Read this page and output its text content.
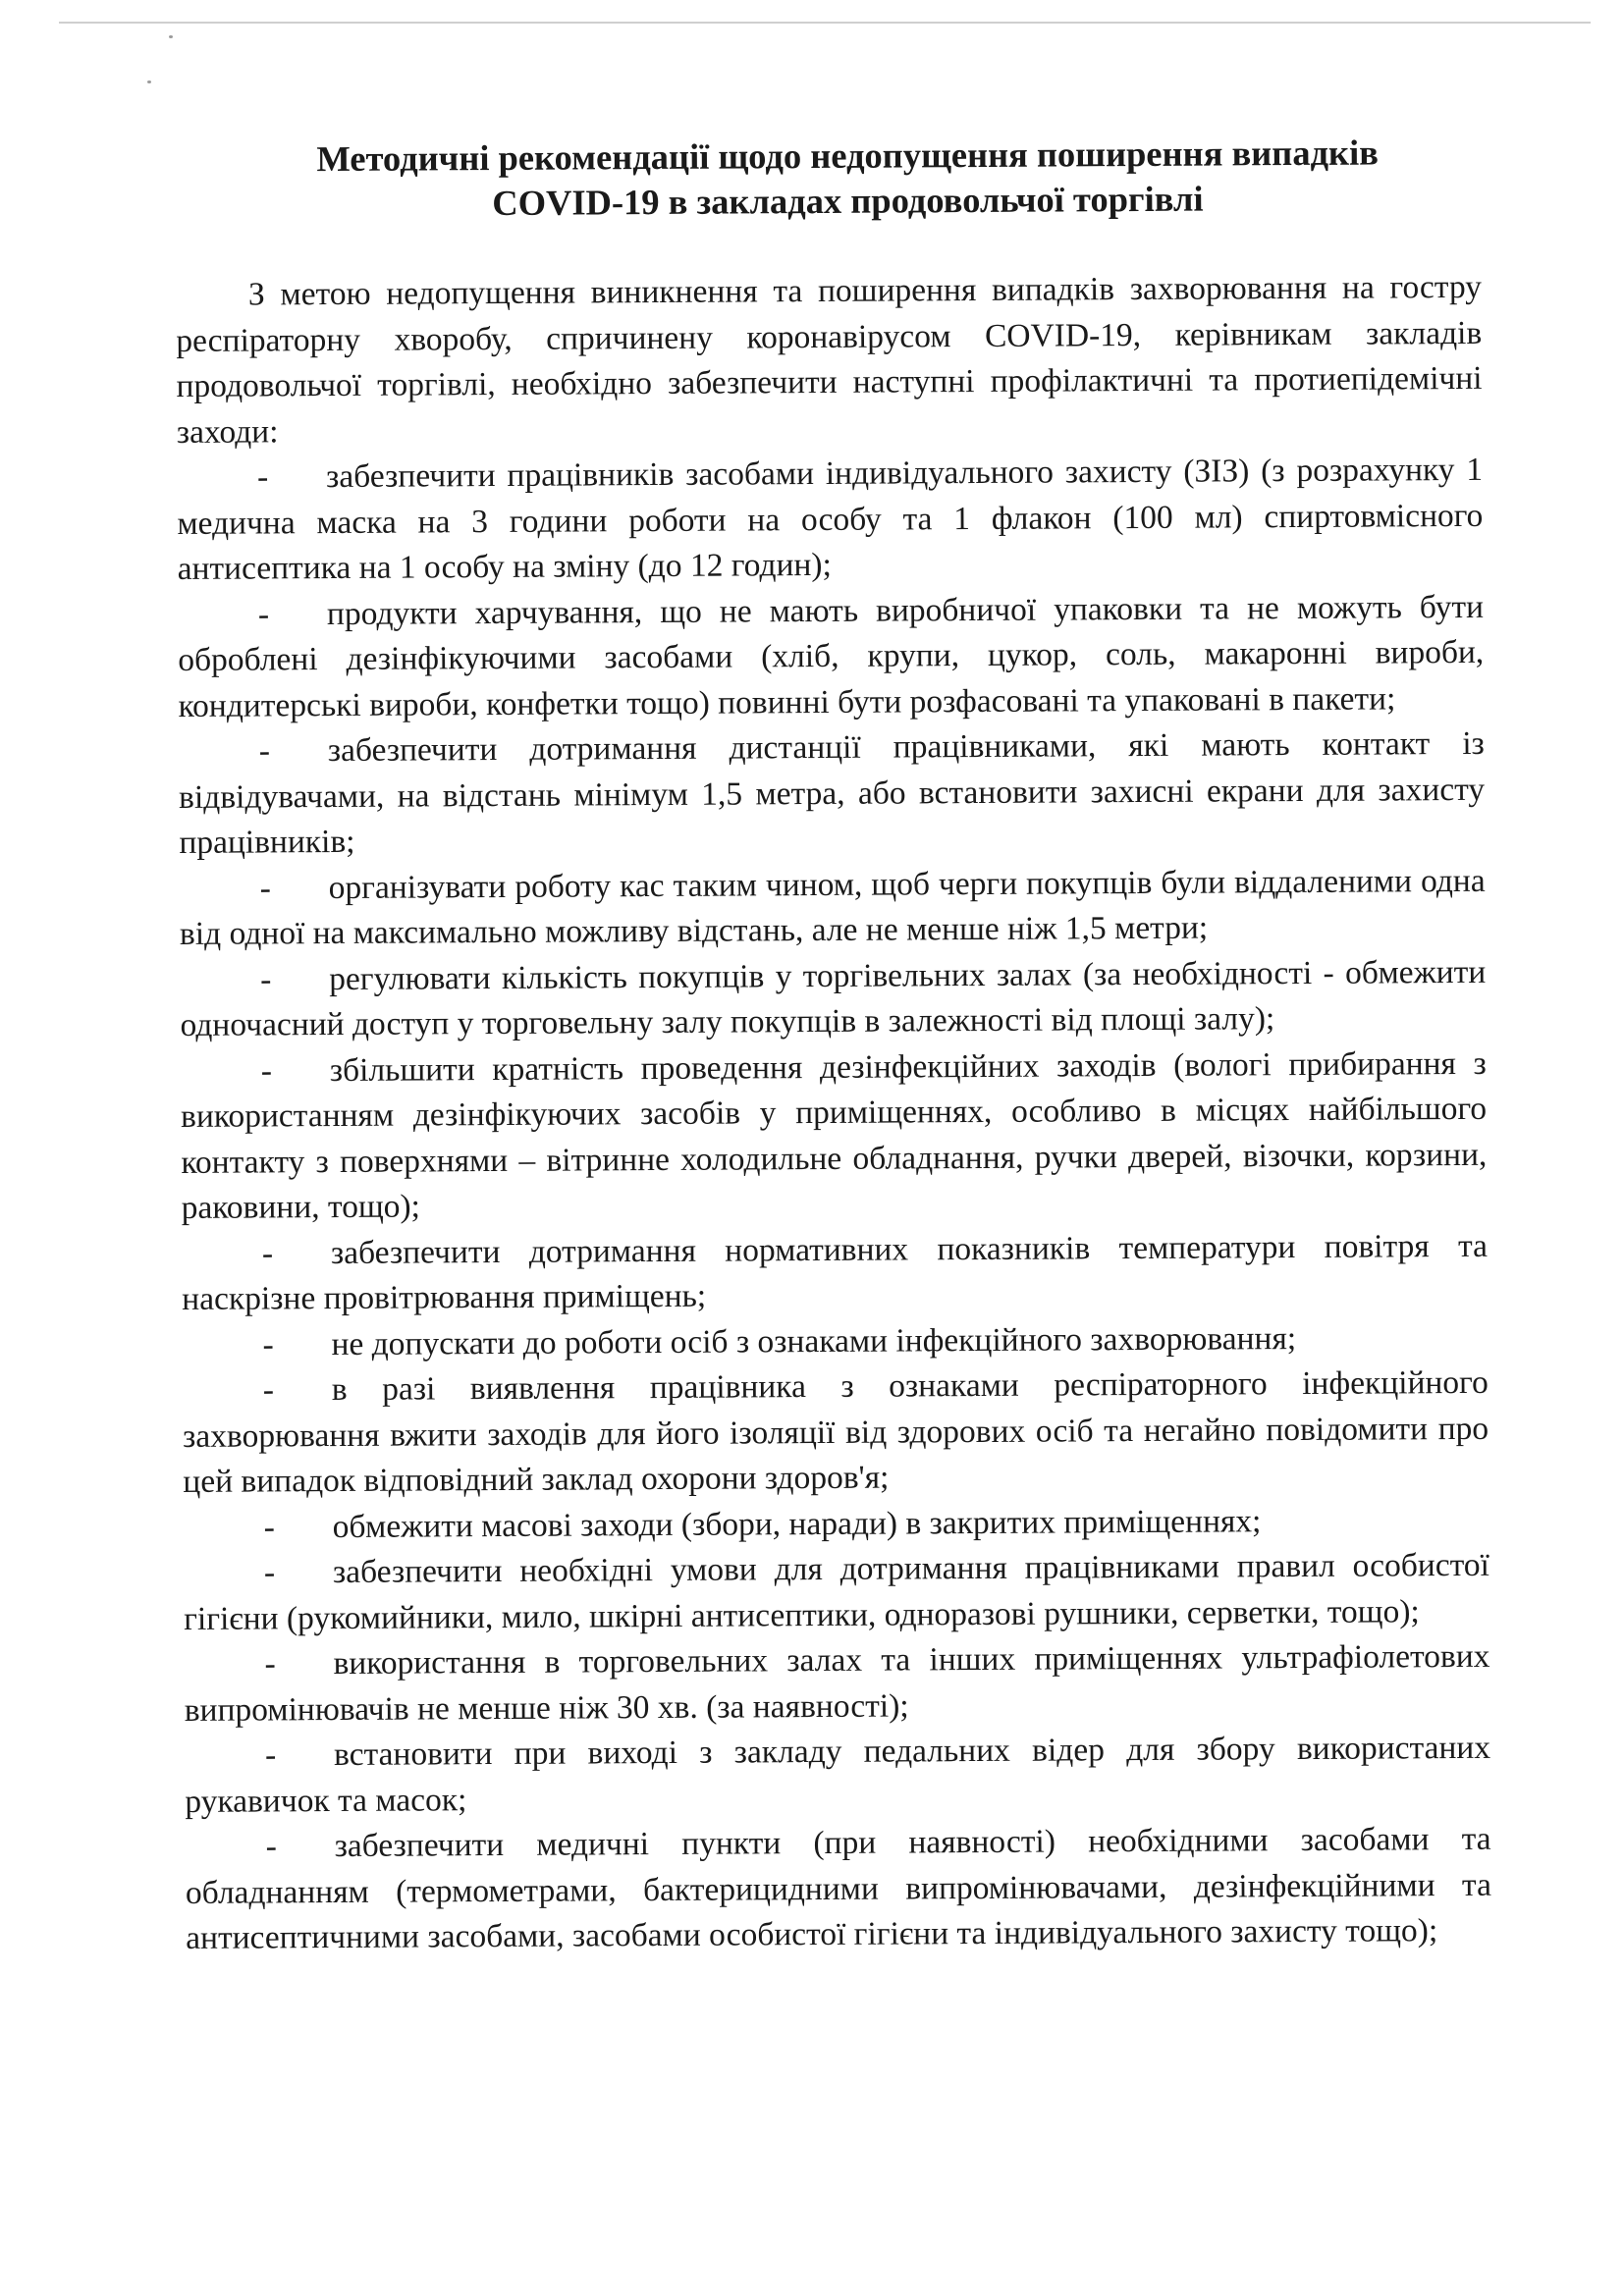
Методичні рекомендації щодо недопущення поширення випадків
COVID-19 в закладах продовольчої торгівлі

З метою недопущення виникнення та поширення випадків захворювання на гостру респіраторну хворобу, спричинену коронавірусом COVID-19, керівникам закладів продовольчої торгівлі, необхідно забезпечити наступні профілактичні та протиепідемічні заходи:

- забезпечити працівників засобами індивідуального захисту (ЗІЗ) (з розрахунку 1 медична маска на 3 години роботи на особу та 1 флакон (100 мл) спиртовмісного антисептика на 1 особу на зміну (до 12 годин);

- продукти харчування, що не мають виробничої упаковки та не можуть бути оброблені дезінфікуючими засобами (хліб, крупи, цукор, соль, макаронні вироби, кондитерські вироби, конфетки тощо) повинні бути розфасовані та упаковані в пакети;

- забезпечити дотримання дистанції працівниками, які мають контакт із відвідувачами, на відстань мінімум 1,5 метра, або встановити захисні екрани для захисту працівників;

- організувати роботу кас таким чином, щоб черги покупців були віддаленими одна від одної на максимально можливу відстань, але не менше ніж 1,5 метри;

- регулювати кількість покупців у торгівельних залах (за необхідності - обмежити одночасний доступ у торговельну залу покупців в залежності від площі залу);

- збільшити кратність проведення дезінфекційних заходів (вологі прибирання з використанням дезінфікуючих засобів у приміщеннях, особливо в місцях найбільшого контакту з поверхнями – вітринне холодильне обладнання, ручки дверей, візочки, корзини, раковини, тощо);

- забезпечити дотримання нормативних показників температури повітря та наскрізне провітрювання приміщень;

- не допускати до роботи осіб з ознаками інфекційного захворювання;

- в разі виявлення працівника з ознаками респіраторного інфекційного захворювання вжити заходів для його ізоляції від здорових осіб та негайно повідомити про цей випадок відповідний заклад охорони здоров'я;

- обмежити масові заходи (збори, наради) в закритих приміщеннях;

- забезпечити необхідні умови для дотримання працівниками правил особистої гігієни (рукомийники, мило, шкірні антисептики, одноразові рушники, серветки, тощо);

- використання в торговельних залах та інших приміщеннях ультрафіолетових випромінювачів не менше ніж 30 хв. (за наявності);

- встановити при виході з закладу педальних відер для збору використаних рукавичок та масок;

- забезпечити медичні пункти (при наявності) необхідними засобами та обладнанням (термометрами, бактерицидними випромінювачами, дезінфекційними та антисептичними засобами, засобами особистої гігієни та індивідуального захисту тощо);
